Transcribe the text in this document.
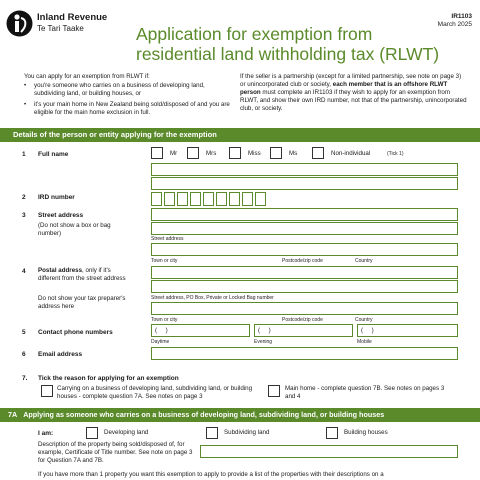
Inland Revenue
Te Tari Taake
IR1103
March 2025
Application for exemption from
residential land withholding tax (RLWT)
You can apply for an exemption from RLWT if:
•	you're someone who carries on a business of developing land, subdividing land, or building houses, or
•	it's your main home in New Zealand being sold/disposed of and you are eligible for the main home exclusion in full.
If the seller is a partnership (except for a limited partnership, see note on page 3) or unincorporated club or society, each member that is an offshore RLWT person must complete an IR1103 if they wish to apply for an exemption from RLWT, and show their own IRD number, not that of the partnership, unincorporated club, or society.
Details of the person or entity applying for the exemption
1 Full name	Mr	Mrs	Miss	Ms	Non-individual	(Tick 1)
2 IRD number
3 Street address
(Do not show a box or bag number)
Street address
Town or city	Postcode/zip code	Country
4 Postal address, only if it's different from the street address
Do not show your tax preparer's address here
Street address, PO Box, Private or Locked Bag number
Town or city	Postcode/zip code	Country
5 Contact phone numbers	(     )	(     )	(     )
Daytime	Evening	Mobile
6 Email address
7. Tick the reason for applying for an exemption
Carrying on a business of developing land, subdividing land, or building houses - complete question 7A. See notes on page 3
Main home - complete question 7B. See notes on pages 3 and 4
7A Applying as someone who carries on a business of developing land, subdividing land, or building houses
I am:	Developing land	Subdividing land	Building houses
Description of the property being sold/disposed of, for example, Certificate of Title number. See note on page 3 for Question 7A and 7B.
If you have more than 1 property you want this exemption to apply to provide a list of the properties with their descriptions on a
